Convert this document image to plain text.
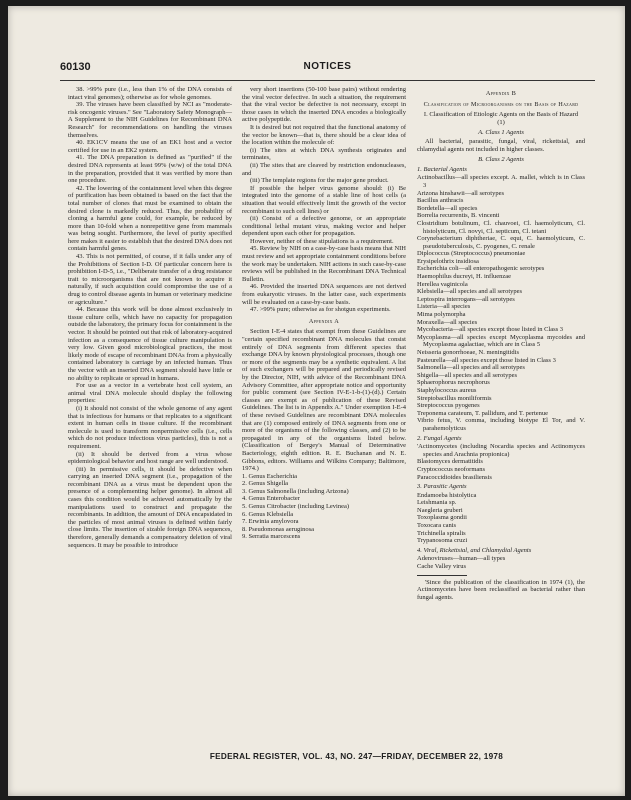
60130	NOTICES

38. >99% pure (i.e., less than 1% of the DNA consists of intact viral genomes); otherwise as for whole genomes.

39. The viruses have been classified by NCI as "moderate-risk oncogenic viruses." See "Laboratory Safety Monograph—A Supplement to the NIH Guidelines for Recombinant DNA Research" for recommendations on handling the viruses themselves.

40. EK1CV means the use of an EK1 host and a vector certified for use in an EK2 system.

41. The DNA preparation is defined as "purified" if the desired DNA represents at least 99% (w/w) of the total DNA in the preparation, provided that it was verified by more than one procedure.

42. The lowering of the containment level when this degree of purification has been obtained is based on the fact that the total number of clones that must be examined to obtain the desired clone is markedly reduced. Thus, the probability of cloning a harmful gene could, for example, be reduced by more than 10-fold when a nonrepetitive gene from mammals was being sought. Furthermore, the level of purity specified here makes it easier to establish that the desired DNA does not contain harmful genes.

43. This is not permitted, of course, if it falls under any of the Prohibitions of Section I-D. Of particular concern here is prohibition I-D-5, i.e., "Deliberate transfer of a drug resistance trait to microorganisms that are not known to acquire it naturally, if such acquisition could compromise the use of a drug to control disease agents in human or veterinary medicine or agriculture."

44. Because this work will be done almost exclusively in tissue culture cells, which have no capacity for propagation outside the laboratory, the primary focus for containment is the vector. It should be pointed out that risk of laboratory-acquired infection as a consequence of tissue culture manipulation is very low. Given good microbiological practices, the most likely mode of escape of recombinant DNAs from a physically contained laboratory is carriage by an infected human. Thus the vector with an inserted DNA segment should have little or no ability to replicate or spread in humans.

For use as a vector in a vertebrate host cell system, an animal viral DNA molecule should display the following properties:

(i) It should not consist of the whole genome of any agent that is infectious for humans or that replicates to a significant extent in human cells in tissue culture. If the recombinant molecule is used to transform nonpermissive cells (i.e., cells which do not produce infectious virus particles), this is not a requirement.

(ii) It should be derived from a virus whose epidemiological behavior and host range are well understood.

(iii) In permissive cells, it should be defective when carrying an inserted DNA segment (i.e., propagation of the recombinant DNA as a virus must be dependent upon the presence of a complementing helper genome). In almost all cases this condition would be achieved automatically by the manipulations used to construct and propagate the recombinants. In addition, the amount of DNA encapsidated in the particles of most animal viruses is defined within fairly close limits. The insertion of sizable foreign DNA sequences, therefore, generally demands a compensatory deletion of viral sequences. It may be possible to introduce

very short insertions (50-100 base pairs) without rendering the viral vector defective. In such a situation, the requirement that the viral vector be defective is not necessary, except in those cases in which the inserted DNA encodes a biologically active polypeptide.

It is desired but not required that the functional anatomy of the vector be known—that is, there should be a clear idea of the location within the molecule of:

(i) The sites at which DNA synthesis originates and terminates,

(ii) The sites that are cleaved by restriction endonucleases, and

(iii) The template regions for the major gene product.

If possible the helper virus genome should: (i) Be integrated into the genome of a stable line of host cells (a situation that would effectively limit the growth of the vector recombinant to such cell lines) or

(ii) Consist of a defective genome, or an appropriate conditional lethal mutant virus, making vector and helper dependent upon each other for propagation.

However, neither of these stipulations is a requirement.

45. Review by NIH on a case-by-case basis means that NIH must review and set appropriate containment conditions before the work may be undertaken. NIH actions in such case-by-case reviews will be published in the Recombinant DNA Technical Bulletin.

46. Provided the inserted DNA sequences are not derived from eukaryotic viruses. In the latter case, such experiments will be evaluated on a case-by-case basis.

47. >99% pure; otherwise as for shotgun experiments.

Appendix A

Section I-E-4 states that exempt from these Guidelines are "certain specified recombinant DNA molecules that consist entirely of DNA segments from different species that exchange DNA by known physiological processes, though one or more of the segments may be a synthetic equivalent. A list of such exchangers will be prepared and periodically revised by the Director, NIH, with advice of the Recombinant DNA Advisory Committee, after appropriate notice and opportunity for public comment (see Section IV-E-1-b-(1)-(d).) Certain classes are exempt as of publication of these Revised Guidelines. The list is in Appendix A." Under exemption I-E-4 of these revised Guidelines are recombinant DNA molecules that are (1) composed entirely of DNA segments from one or more of the organisms of the following classes, and (2) to be propagated in any of the organisms listed below. (Classification of Bergey's Manual of Determinative Bacteriology, eighth edition. R. E. Buchanan and N. E. Gibbons, editors. Williams and Wilkins Company; Baltimore, 1974.)

1. Genus Escherichia
2. Genus Shigella
3. Genus Salmonella (including Arizona)
4. Genus Enterobacter
5. Genus Citrobacter (including Levinea)
6. Genus Klebsiella
7. Erwinia amylovora
8. Pseudomonas aeruginosa
9. Serratia marcescens
Appendix B
Classification of Microorganisms on the Basis of Hazard
I. Classification of Etiologic Agents on the Basis of Hazard (1)
A. Class 1 Agents

All bacterial, parasitic, fungal, viral, rickettsial, and chlamydial agents not included in higher classes.

B. Class 2 Agents
1. Bacterial Agents
Actinobacillus—all species except. A. mallei, which is in Class 3
Arizona hinshawii—all serotypes
Bacillus anthracis
Bordetella—all species
Borrelia recurrentis, B. vincenti
Clostridium botulinum, Cl. chauvoei, Cl. haemolyticum, Cl. histolyticum, Cl. novyi, Cl. septicum, Cl. tetani
Corynebacterium diphtheriae, C. equi, C. haemolyticum, C. pseudotuberculosis, C. pyogenes, C. renale
Diplococcus (Streptococcus) pneumoniae
Erysipelothrix insidiosa
Escherichia coli—all enteropathogenic serotypes
Haemophilus ducreyi, H. influenzae
Herellea vaginicola
Klebsiella—all species and all serotypes
Leptospira interrogans—all serotypes
Listeria—all species
Mima polymorpha
Moraxella—all species
Mycobacteria—all species except those listed in Class 3
Mycoplasma—all species except Mycoplasma mycoides and Mycoplasma agalactiae, which are in Class 5
Neisseria gonorrhoeae, N. meningitidis
Pasteurella—all species except those listed in Class 3
Salmonella—all species and all serotypes
Shigella—all species and all serotypes
Sphaerophorus necrophorus
Staphylococcus aureus
Streptobacillus moniliformis
Streptococcus pyogenes
Treponema carateum, T. pallidum, and T. pertenue
Vibrio fetus, V. comma, including biotype El Tor, and V. parahemolyticus
2. Fungal Agents
'Actinomycetes (including Nocardia species and Actinomyces species and Arachnia propionica)
Blastomyces dermatitidis
Cryptococcus neoformans
Paracoccidioides brasiliensis
3. Parasitic Agents
Endamoeba histolytica
Leishmania sp.
Naegleria gruberi
Toxoplasma gondii
Toxocara canis
Trichinella spiralis
Trypanosoma cruzi
4. Viral, Rickettsial, and Chlamydial Agents
Adenoviruses—human—all types
Cache Valley virus

'Since the publication of the classification in 1974 (1), the Actinomycetes have been reclassified as bacterial rather than fungal agents.

FEDERAL REGISTER, VOL. 43, NO. 247—FRIDAY, DECEMBER 22, 1978
